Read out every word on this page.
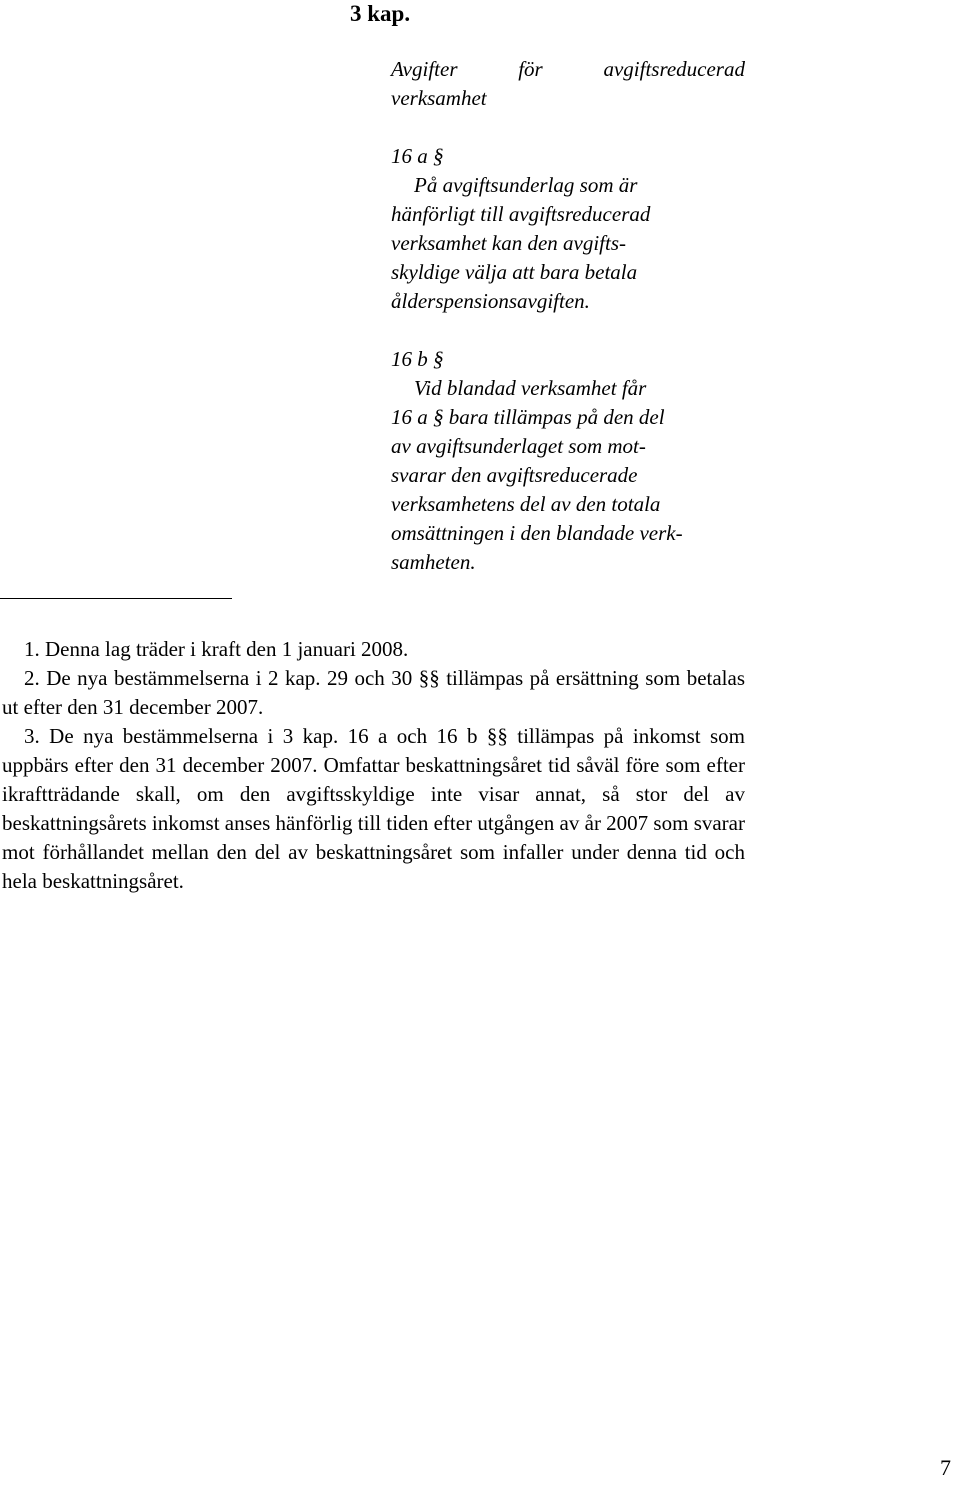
3 kap.

Avgifter	för	avgiftsreducerad

verksamhet

16 a §

På avgiftsunderlag som är

hänförligt till avgiftsreducerad

verksamhet kan den avgifts-

skyldige välja att bara betala

ålderspensionsavgiften.

16 b §

Vid blandad verksamhet får

16 a § bara tillämpas på den del

av avgiftsunderlaget som mot-

svarar den avgiftsreducerade

verksamhetens del av den totala

omsättningen i den blandade verk-

samheten.

1. Denna lag träder i kraft den 1 januari 2008.

2. De nya bestämmelserna i 2 kap. 29 och 30 §§ tillämpas på ersättning som betalas ut efter den 31 december 2007.

3. De nya bestämmelserna i 3 kap. 16 a och 16 b §§ tillämpas på inkomst som uppbärs efter den 31 december 2007. Omfattar beskattningsåret tid såväl före som efter ikraftträdande skall, om den avgiftsskyldige inte visar annat, så stor del av beskattningsårets inkomst anses hänförlig till tiden efter utgången av år 2007 som svarar mot förhållandet mellan den del av beskattningsåret som infaller under denna tid och hela beskattningsåret.

7
